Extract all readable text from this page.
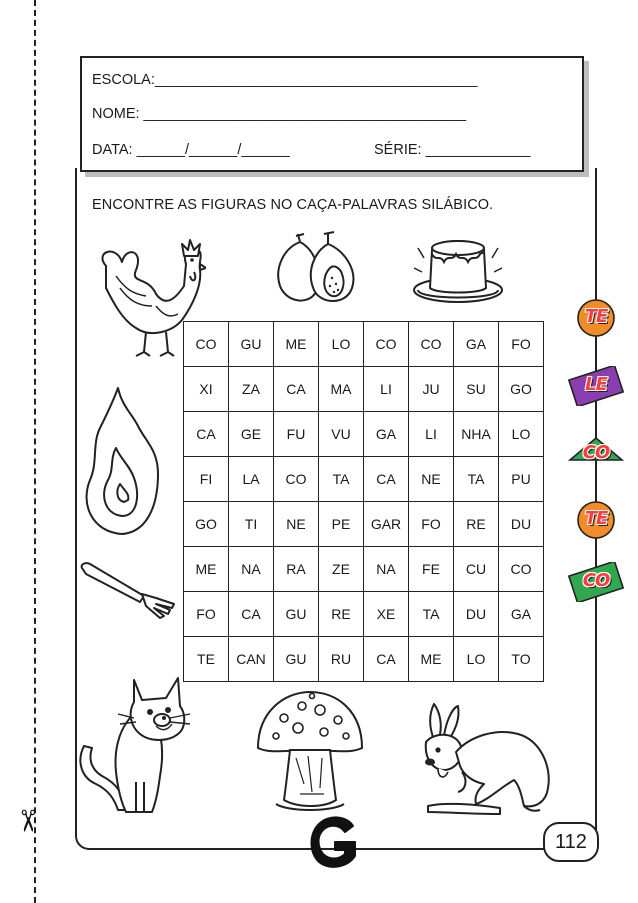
✂
ESCOLA:________________________________________
NOME: ________________________________________
DATA: ______/______/______	SÉRIE: _____________
ENCONTRE AS FIGURAS NO CAÇA-PALAVRAS SILÁBICO.
CO	GU	ME	LO	CO	CO	GA	FO
XI	ZA	CA	MA	LI	JU	SU	GO
CA	GE	FU	VU	GA	LI	NHA	LO
FI	LA	CO	TA	CA	NE	TA	PU
GO	TI	NE	PE	GAR	FO	RE	DU
ME	NA	RA	ZE	NA	FE	CU	CO
FO	CA	GU	RE	XE	TA	DU	GA
TE	CAN	GU	RU	CA	ME	LO	TO
TE
LE
CO
TE
CO
112
